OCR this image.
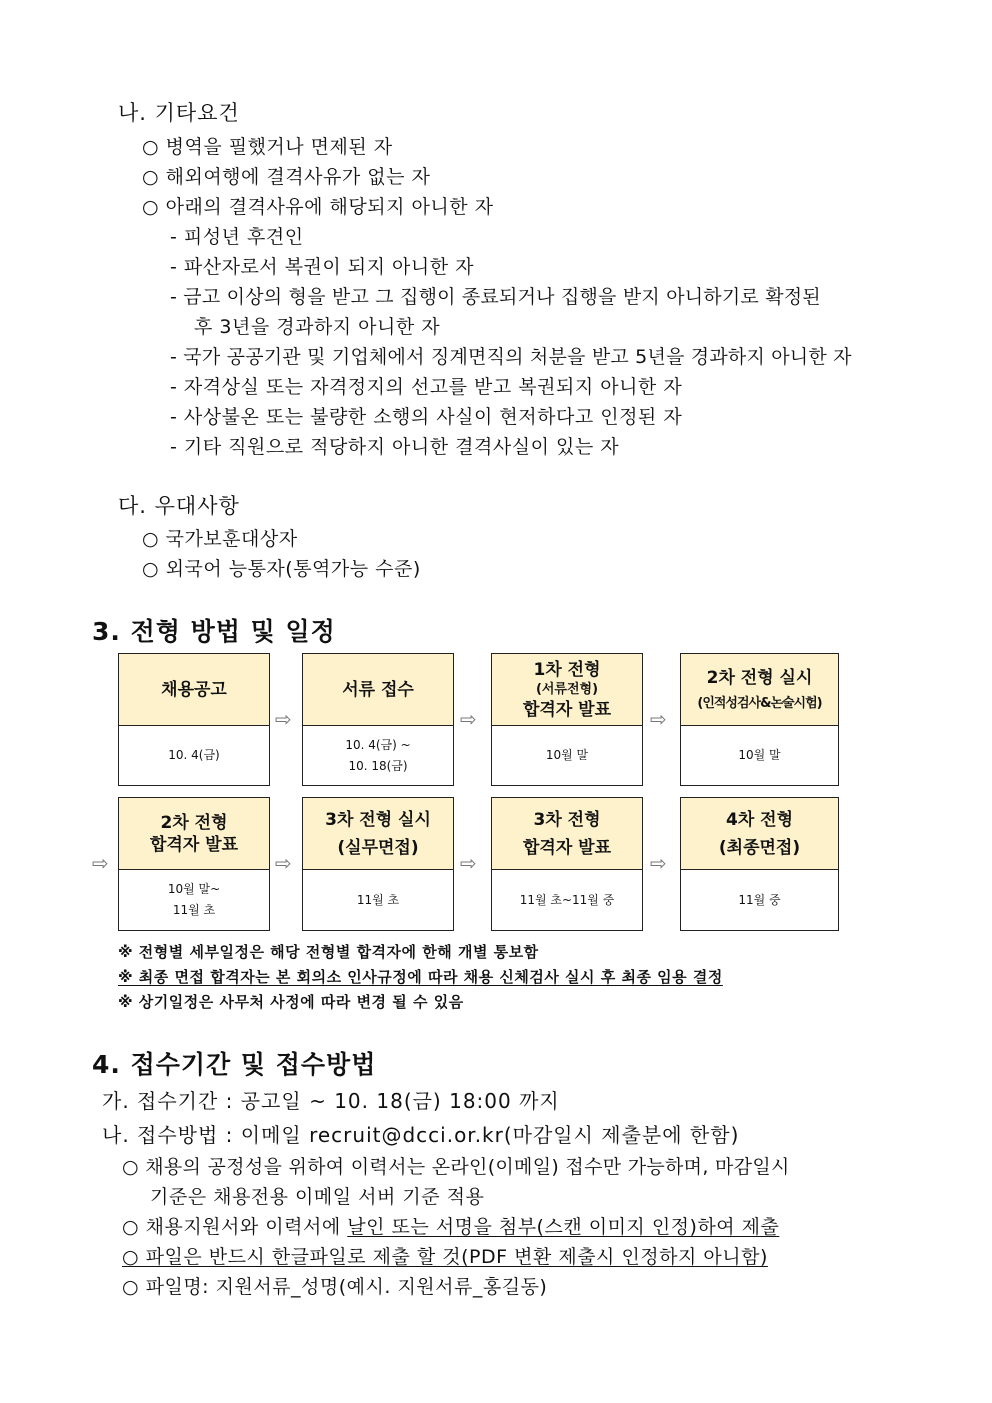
나. 기타요건
○ 병역을 필했거나 면제된 자
○ 해외여행에 결격사유가 없는 자
○ 아래의 결격사유에 해당되지 아니한 자
- 피성년 후견인
- 파산자로서 복권이 되지 아니한 자
- 금고 이상의 형을 받고 그 집행이 종료되거나 집행을 받지 아니하기로 확정된
후 3년을 경과하지 아니한 자
- 국가 공공기관 및 기업체에서 징계면직의 처분을 받고 5년을 경과하지 아니한 자
- 자격상실 또는 자격정지의 선고를 받고 복권되지 아니한 자
- 사상불온 또는 불량한 소행의 사실이 현저하다고 인정된 자
- 기타 직원으로 적당하지 아니한 결격사실이 있는 자
다. 우대사항
○ 국가보훈대상자
○ 외국어 능통자(통역가능 수준)
3. 전형 방법 및 일정
채용공고
10. 4(금)
⇨
서류 접수
10. 4(금) ~
10. 18(금)
⇨
1차 전형
(서류전형)
합격자 발표
10월 말
⇨
2차 전형 실시
(인적성검사&논술시험)
10월 말
⇨
2차 전형
합격자 발표
10월 말~
11월 초
⇨
3차 전형 실시
(실무면접)
11월 초
⇨
3차 전형
합격자 발표
11월 초~11월 중
⇨
4차 전형
(최종면접)
11월 중
※ 전형별 세부일정은 해당 전형별 합격자에 한해 개별 통보함
※ 최종 면접 합격자는 본 회의소 인사규정에 따라 채용 신체검사 실시 후 최종 임용 결정
※ 상기일정은 사무처 사정에 따라 변경 될 수 있음
4. 접수기간 및 접수방법
가. 접수기간 : 공고일 ~ 10. 18(금) 18:00 까지
나. 접수방법 : 이메일 recruit@dcci.or.kr(마감일시 제출분에 한함)
○ 채용의 공정성을 위하여 이력서는 온라인(이메일) 접수만 가능하며, 마감일시
기준은 채용전용 이메일 서버 기준 적용
○ 채용지원서와 이력서에 날인 또는 서명을 첨부(스캔 이미지 인정)하여 제출
○ 파일은 반드시 한글파일로 제출 할 것(PDF 변환 제출시 인정하지 아니함)
○ 파일명: 지원서류_성명(예시. 지원서류_홍길동)
